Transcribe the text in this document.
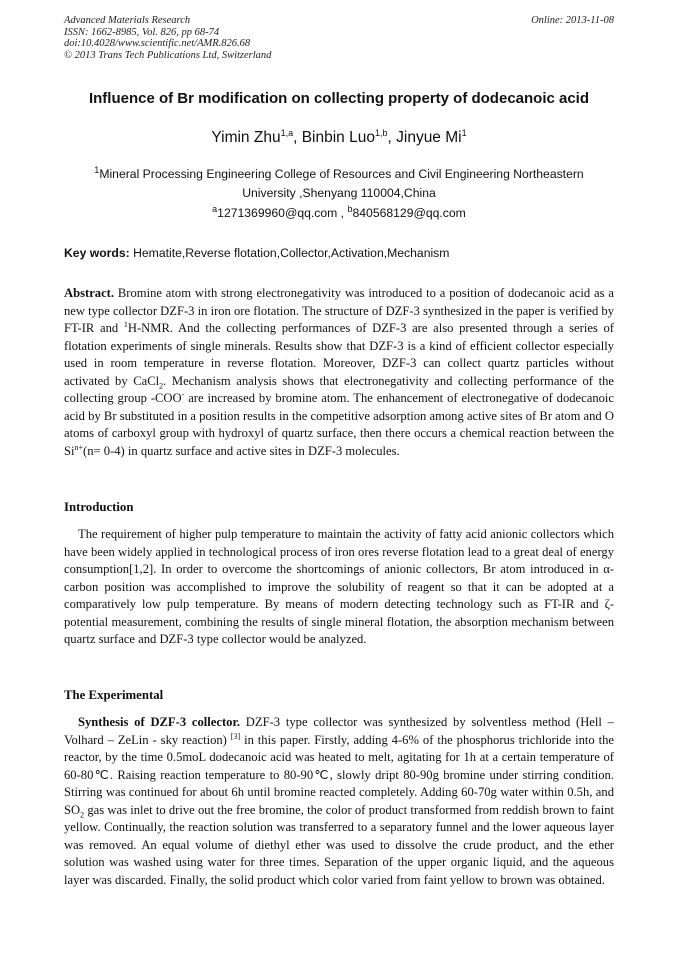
Advanced Materials Research
ISSN: 1662-8985, Vol. 826, pp 68-74
doi:10.4028/www.scientific.net/AMR.826.68
© 2013 Trans Tech Publications Ltd, Switzerland
Online: 2013-11-08
Influence of Br modification on collecting property of dodecanoic acid
Yimin Zhu$^{1,a}$, Binbin Luo$^{1,b}$, Jinyue Mi$^1$
$^1$Mineral Processing Engineering College of Resources and Civil Engineering Northeastern University ,Shenyang 110004,China
$^a$1271369960@qq.com , $^b$840568129@qq.com
Key words: Hematite,Reverse flotation,Collector,Activation,Mechanism
Abstract. Bromine atom with strong electronegativity was introduced to a position of dodecanoic acid as a new type collector DZF-3 in iron ore flotation. The structure of DZF-3 synthesized in the paper is verified by FT-IR and $^1$H-NMR. And the collecting performances of DZF-3 are also presented through a series of flotation experiments of single minerals. Results show that DZF-3 is a kind of efficient collector especially used in room temperature in reverse flotation. Moreover, DZF-3 can collect quartz particles without activated by CaCl$_2$. Mechanism analysis shows that electronegativity and collecting performance of the collecting group -COO- are increased by bromine atom. The enhancement of electronegative of dodecanoic acid by Br substituted in a position results in the competitive adsorption among active sites of Br atom and O atoms of carboxyl group with hydroxyl of quartz surface, then there occurs a chemical reaction between the $Si^{n+}(n= 0-4)$ in quartz surface and active sites in DZF-3 molecules.
Introduction
The requirement of higher pulp temperature to maintain the activity of fatty acid anionic collectors which have been widely applied in technological process of iron ores reverse flotation lead to a great deal of energy consumption[1,2]. In order to overcome the shortcomings of anionic collectors, Br atom introduced in α-carbon position was accomplished to improve the solubility of reagent so that it can be adopted at a comparatively low pulp temperature. By means of modern detecting technology such as FT-IR and ζ-potential measurement, combining the results of single mineral flotation, the absorption mechanism between quartz surface and DZF-3 type collector would be analyzed.
The Experimental
Synthesis of DZF-3 collector. DZF-3 type collector was synthesized by solventless method (Hell – Volhard – ZeLin - sky reaction) [3] in this paper. Firstly, adding 4-6% of the phosphorus trichloride into the reactor, by the time 0.5moL dodecanoic acid was heated to melt, agitating for 1h at a certain temperature of 60-80℃. Raising reaction temperature to 80-90℃, slowly dript 80-90g bromine under stirring condition. Stirring was continued for about 6h until bromine reacted completely. Adding 60-70g water within 0.5h, and $SO_2$ gas was inlet to drive out the free bromine, the color of product transformed from reddish brown to faint yellow. Continually, the reaction solution was transferred to a separatory funnel and the lower aqueous layer was removed. An equal volume of diethyl ether was used to dissolve the crude product, and the ether solution was washed using water for three times. Separation of the upper organic liquid, and the aqueous layer was discarded. Finally, the solid product which color varied from faint yellow to brown was obtained.
